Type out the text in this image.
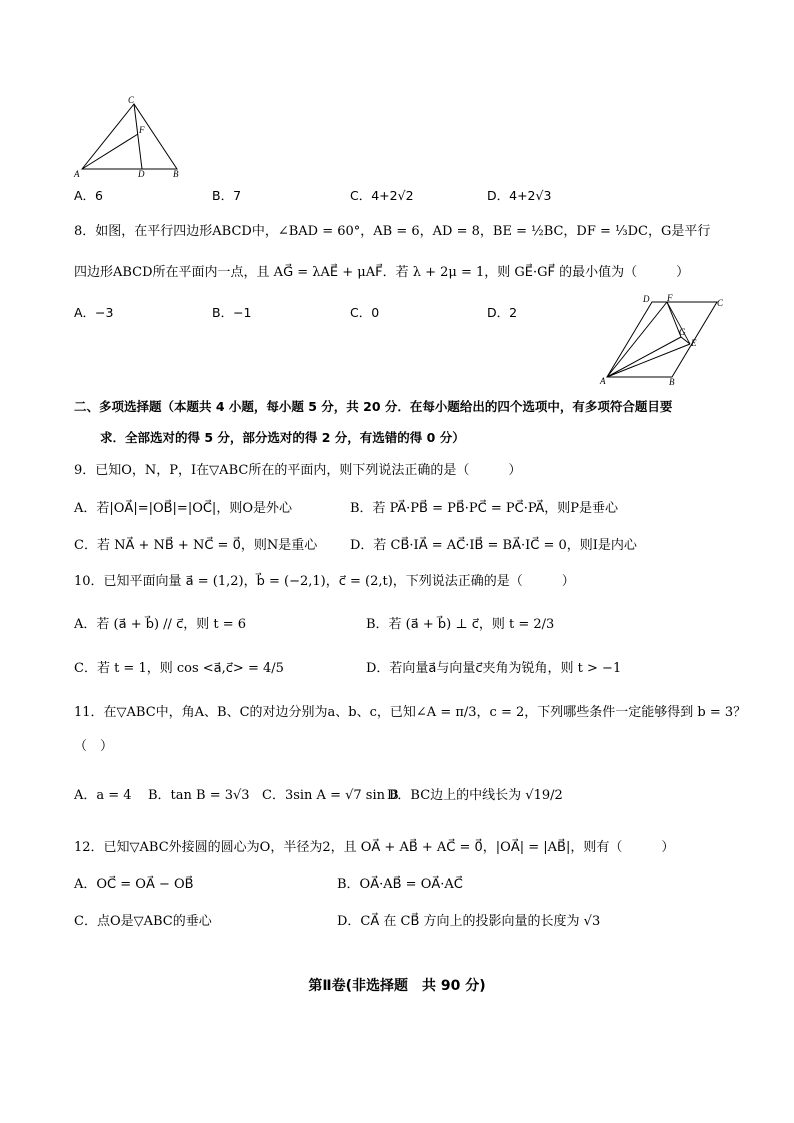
C
F
A	D	B
A．6	B．7	C．4+2√2	D．4+2√3
8．如图，在平行四边形ABCD中，∠BAD = 60°，AB = 6，AD = 8，BE = ½BC，DF = ⅓DC，G是平行
四边形ABCD所在平面内一点，且 AG⃗ = λAE⃗ + μAF⃗．若 λ + 2μ = 1，则 GE⃗·GF⃗ 的最小值为（　　　）
A．−3	B．−1	C．0	D．2
D F	C
G
E
A	B
二、多项选择题（本题共 4 小题，每小题 5 分，共 20 分．在每小题给出的四个选项中，有多项符合题目要
求．全部选对的得 5 分，部分选对的得 2 分，有选错的得 0 分）
9．已知O，N，P，I在▽ABC所在的平面内，则下列说法正确的是（　　　）
A．若|OA⃗|=|OB⃗|=|OC⃗|，则O是外心	B．若 PA⃗·PB⃗ = PB⃗·PC⃗ = PC⃗·PA⃗，则P是垂心
C．若 NA⃗ + NB⃗ + NC⃗ = 0⃗，则N是重心	D．若 CB⃗·IA⃗ = AC⃗·IB⃗ = BA⃗·IC⃗ = 0，则I是内心
10．已知平面向量 a⃗ = (1,2)，b⃗ = (−2,1)，c⃗ = (2,t)，下列说法正确的是（　　　）
A．若 (a⃗ + b⃗) // c⃗，则 t = 6	B．若 (a⃗ + b⃗) ⊥ c⃗，则 t = 2/3
C．若 t = 1，则 cos <a⃗,c⃗> = 4/5	D．若向量a⃗与向量c⃗夹角为锐角，则 t > −1
11．在▽ABC中，角A、B、C的对边分别为a、b、c，已知∠A = π/3，c = 2，下列哪些条件一定能够得到 b = 3？
（　）
A．a = 4 B．tan B = 3√3 C．3sin A = √7 sin B
D．BC边上的中线长为 √19/2
12．已知▽ABC外接圆的圆心为O，半径为2，且 OA⃗ + AB⃗ + AC⃗ = 0⃗，|OA⃗| = |AB⃗|，则有（　　　）
A．OC⃗ = OA⃗ − OB⃗	B．OA⃗·AB⃗ = OA⃗·AC⃗
C．点O是▽ABC的垂心	D．CA⃗ 在 CB⃗ 方向上的投影向量的长度为 √3
第Ⅱ卷(非选择题　共 90 分)
